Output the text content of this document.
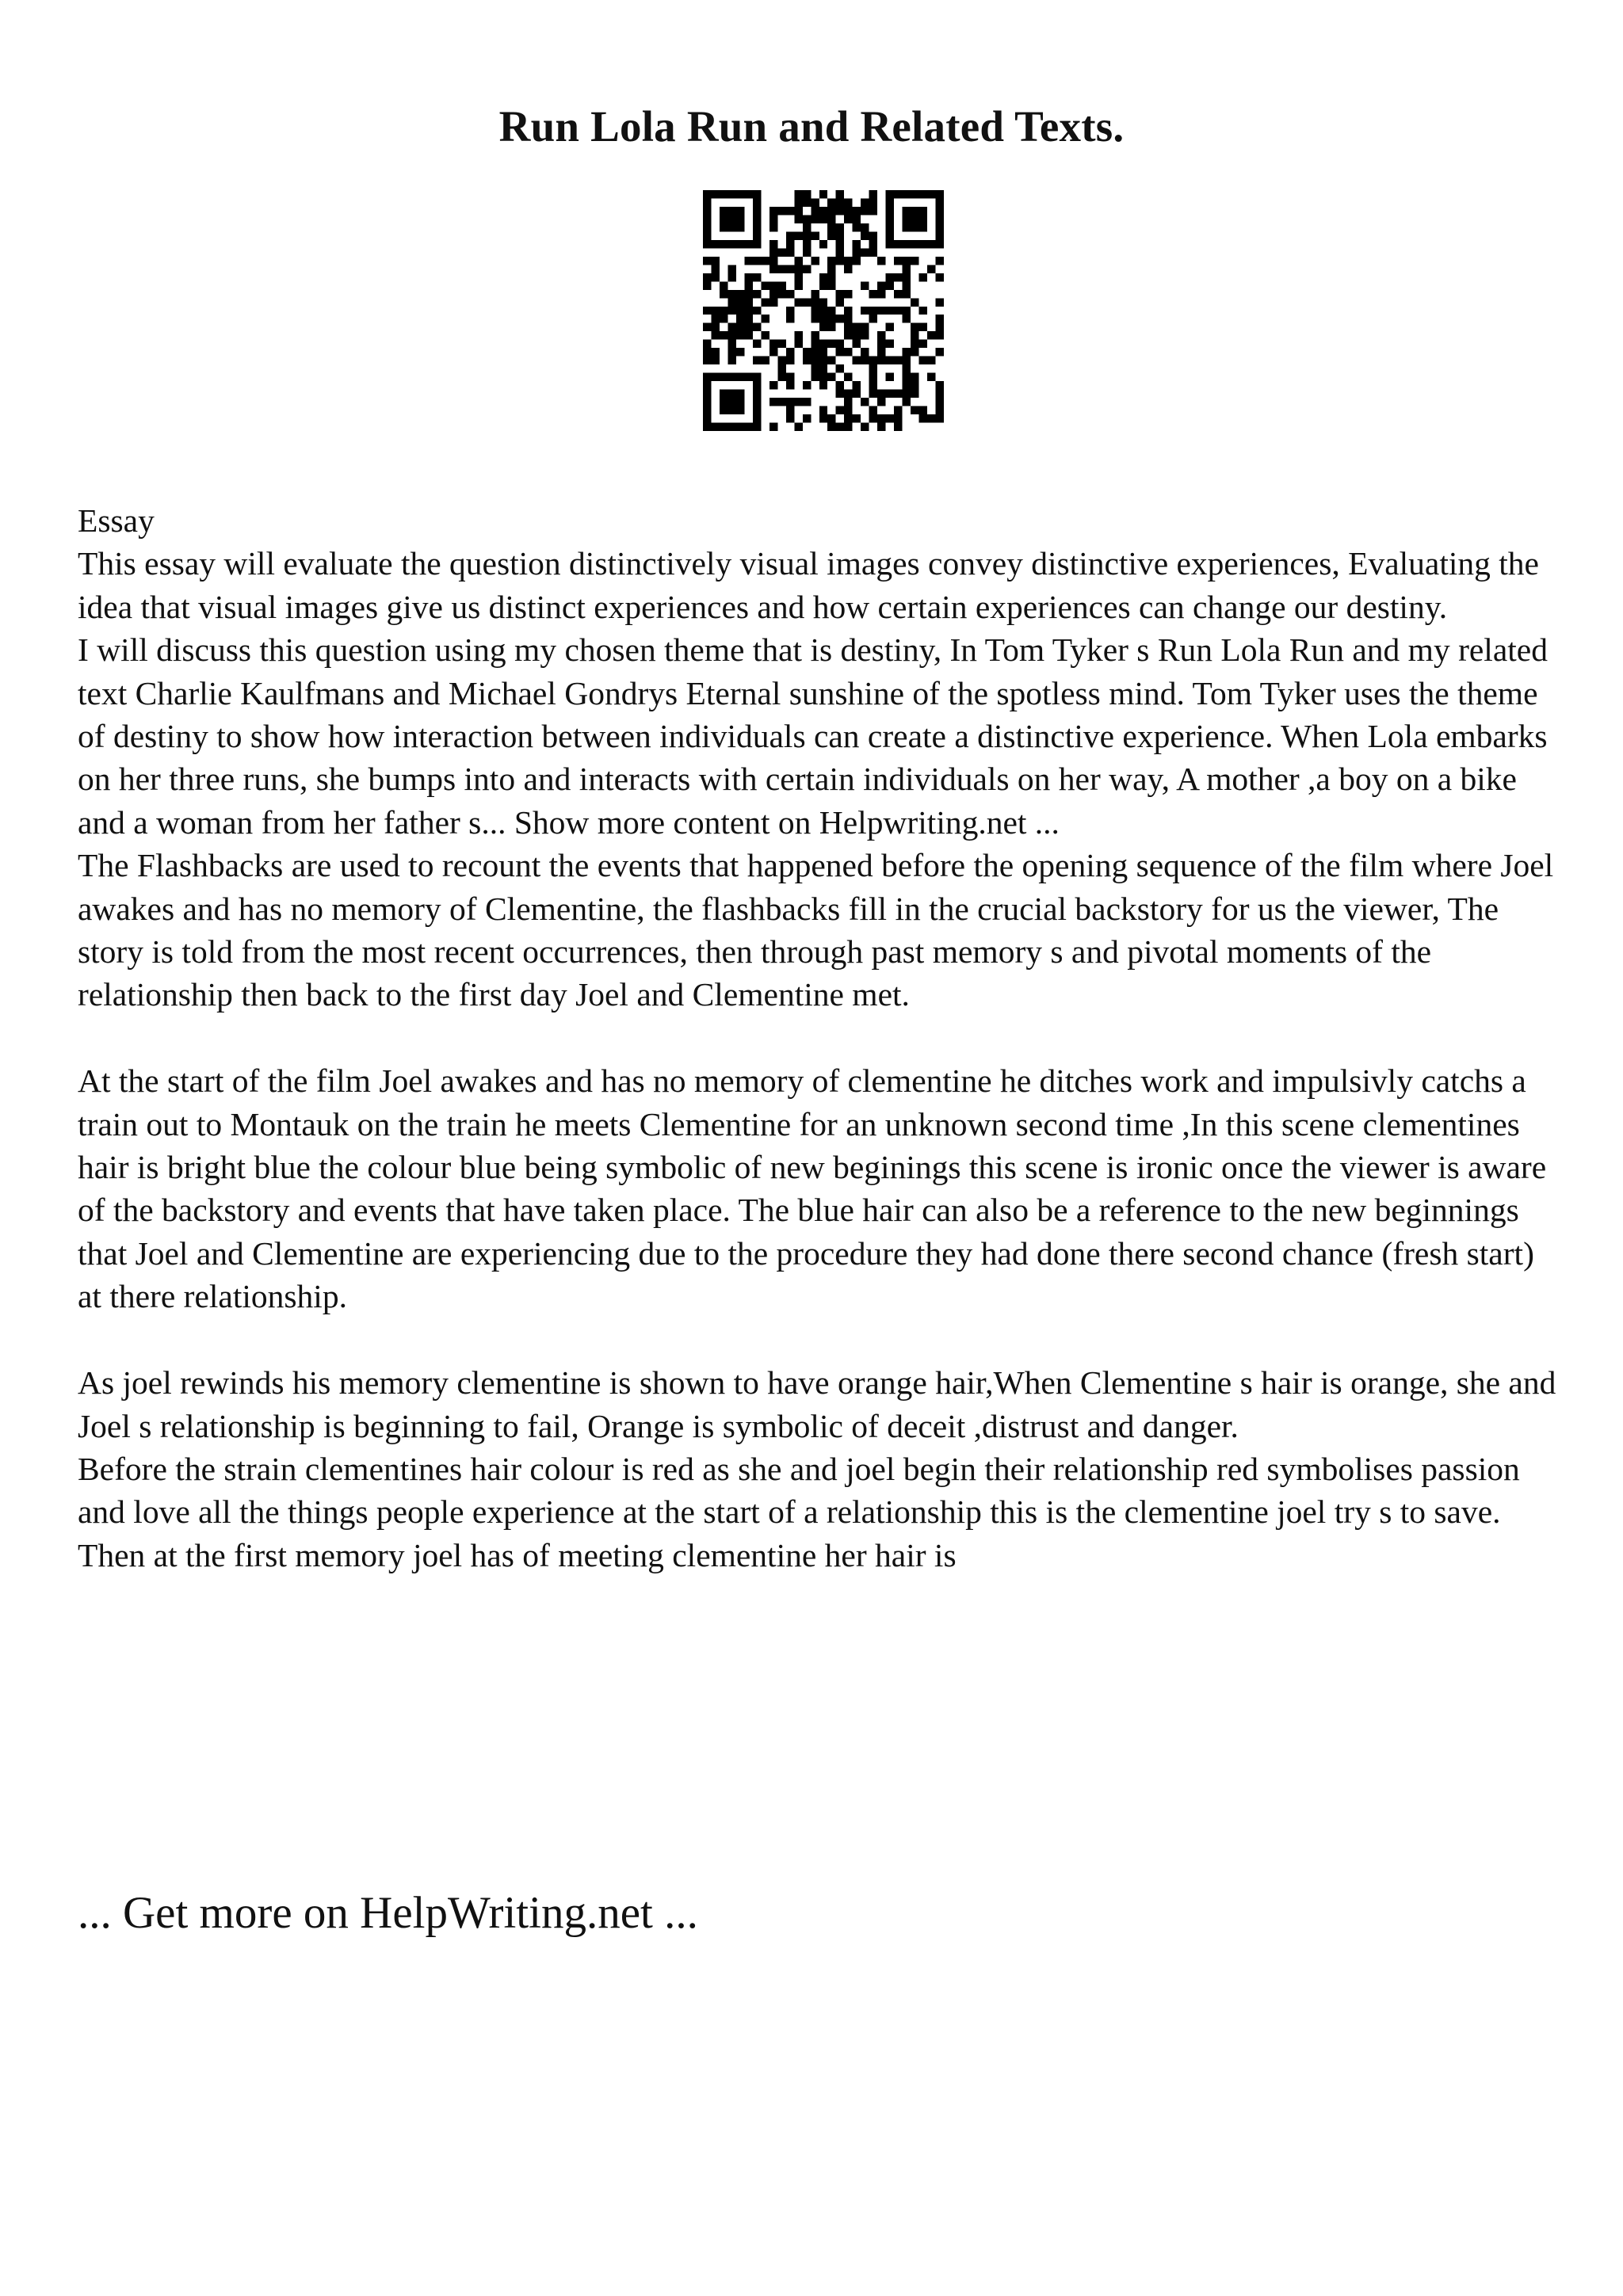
Run Lola Run and Related Texts.

Essay

This essay will evaluate the question distinctively visual images convey distinctive experiences, Evaluating the idea that visual images give us distinct experiences and how certain experiences can change our destiny.

I will discuss this question using my chosen theme that is destiny, In Tom Tyker s Run Lola Run and my related text Charlie Kaulfmans and Michael Gondrys Eternal sunshine of the spotless mind. Tom Tyker uses the theme of destiny to show how interaction between individuals can create a distinctive experience. When Lola embarks on her three runs, she bumps into and interacts with certain individuals on her way, A mother ,a boy on a bike and a woman from her father s... Show more content on Helpwriting.net ...

The Flashbacks are used to recount the events that happened before the opening sequence of the film where Joel awakes and has no memory of Clementine, the flashbacks fill in the crucial backstory for us the viewer, The story is told from the most recent occurrences, then through past memory s and pivotal moments of the relationship then back to the first day Joel and Clementine met.

At the start of the film Joel awakes and has no memory of clementine he ditches work and impulsivly catchs a train out to Montauk on the train he meets Clementine for an unknown second time ,In this scene clementines hair is bright blue the colour blue being symbolic of new beginings this scene is ironic once the viewer is aware of the backstory and events that have taken place. The blue hair can also be a reference to the new beginnings that Joel and Clementine are experiencing due to the procedure they had done there second chance (fresh start) at there relationship.

As joel rewinds his memory clementine is shown to have orange hair,When Clementine s hair is orange, she and Joel s relationship is beginning to fail, Orange is symbolic of deceit ,distrust and danger.

Before the strain clementines hair colour is red as she and joel begin their relationship red symbolises passion and love all the things people experience at the start of a relationship this is the clementine joel try s to save.

Then at the first memory joel has of meeting clementine her hair is

... Get more on HelpWriting.net ...
